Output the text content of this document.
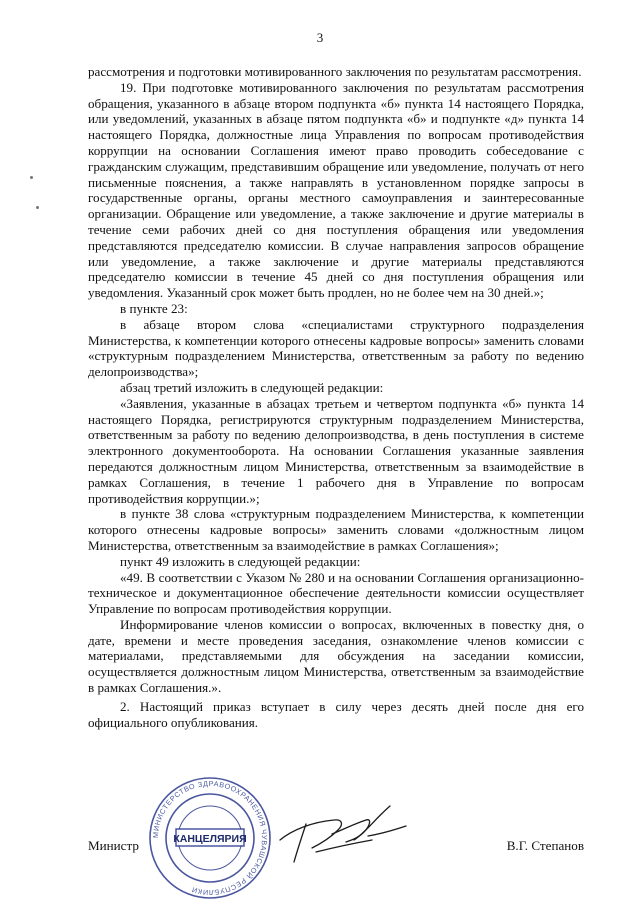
3

рассмотрения и подготовки мотивированного заключения по результатам рассмотрения.

19. При подготовке мотивированного заключения по результатам рассмотрения обращения, указанного в абзаце втором подпункта «б» пункта 14 настоящего Порядка, или уведомлений, указанных в абзаце пятом подпункта «б» и подпункте «д» пункта 14 настоящего Порядка, должностные лица Управления по вопросам противодействия коррупции на основании Соглашения имеют право проводить собеседование с гражданским служащим, представившим обращение или уведомление, получать от него письменные пояснения, а также направлять в установленном порядке запросы в государственные органы, органы местного самоуправления и заинтересованные организации. Обращение или уведомление, а также заключение и другие материалы в течение семи рабочих дней со дня поступления обращения или уведомления представляются председателю комиссии. В случае направления запросов обращение или уведомление, а также заключение и другие материалы представляются председателю комиссии в течение 45 дней со дня поступления обращения или уведомления. Указанный срок может быть продлен, но не более чем на 30 дней.»;

в пункте 23:

в абзаце втором слова «специалистами структурного подразделения Министерства, к компетенции которого отнесены кадровые вопросы» заменить словами «структурным подразделением Министерства, ответственным за работу по ведению делопроизводства»;

абзац третий изложить в следующей редакции:

«Заявления, указанные в абзацах третьем и четвертом подпункта «б» пункта 14 настоящего Порядка, регистрируются структурным подразделением Министерства, ответственным за работу по ведению делопроизводства, в день поступления в системе электронного документооборота. На основании Соглашения указанные заявления передаются должностным лицом Министерства, ответственным за взаимодействие в рамках Соглашения, в течение 1 рабочего дня в Управление по вопросам противодействия коррупции.»;

в пункте 38 слова «структурным подразделением Министерства, к компетенции которого отнесены кадровые вопросы» заменить словами «должностным лицом Министерства, ответственным за взаимодействие в рамках Соглашения»;

пункт 49 изложить в следующей редакции:

«49. В соответствии с Указом № 280 и на основании Соглашения организационно-техническое и документационное обеспечение деятельности комиссии осуществляет Управление по вопросам противодействия коррупции.

Информирование членов комиссии о вопросах, включенных в повестку дня, о дате, времени и месте проведения заседания, ознакомление членов комиссии с материалами, представляемыми для обсуждения на заседании комиссии, осуществляется должностным лицом Министерства, ответственным за взаимодействие в рамках Соглашения.».

2. Настоящий приказ вступает в силу через десять дней после дня его официального опубликования.

Министр	В.Г. Степанов
МИНИСТЕРСТВО ЗДРАВООХРАНЕНИЯ ЧУВАШСКОЙ РЕСПУБЛИКИ
КАНЦЕЛЯРИЯ
